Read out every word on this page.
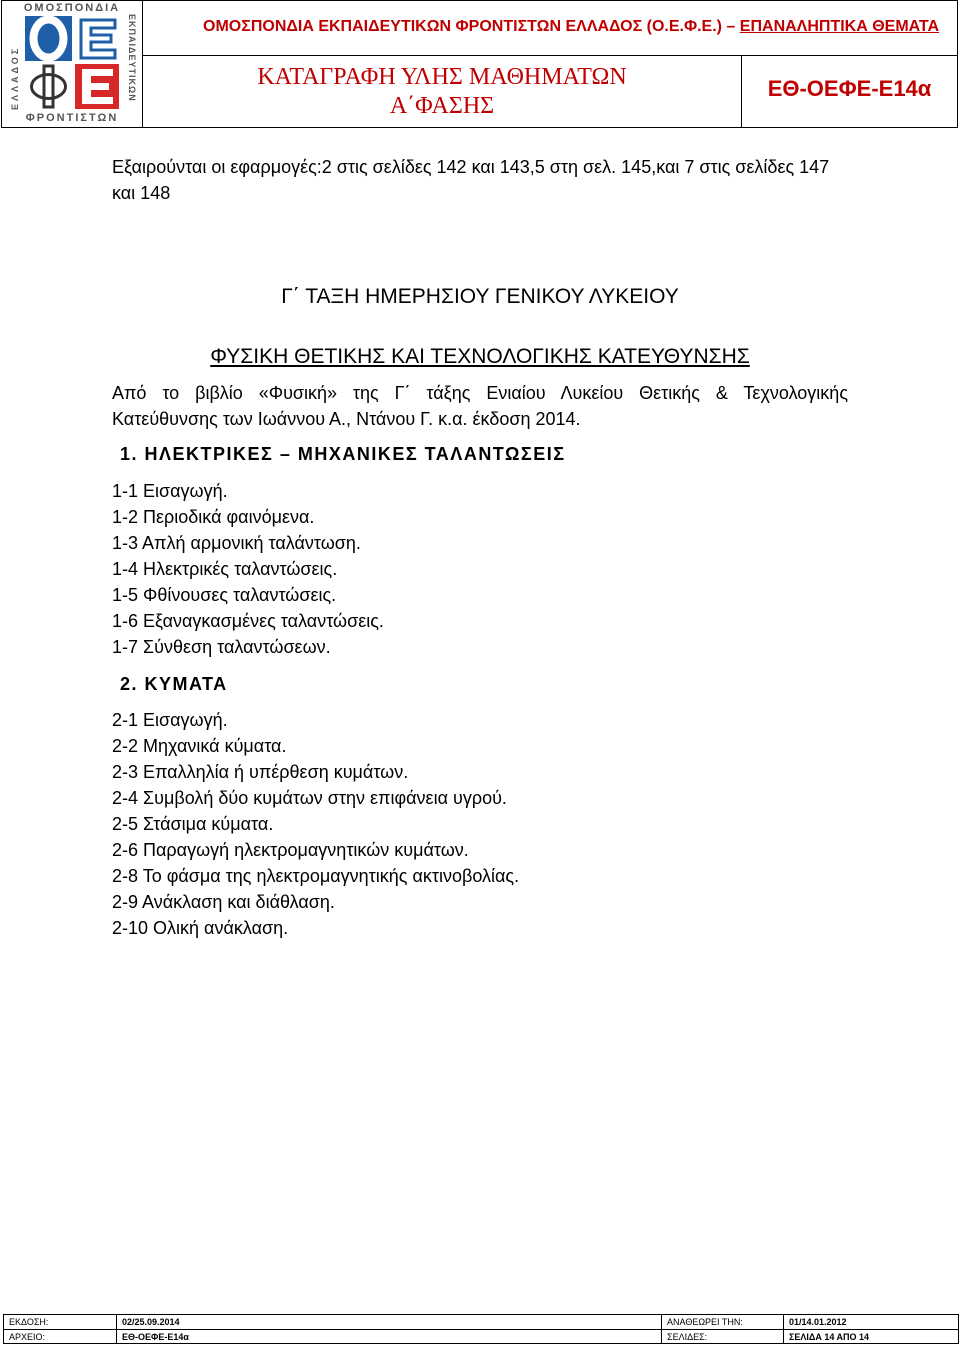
ΟΜΟΣΠΟΝΔΙΑ
ΦΡΟΝΤΙΣΤΩΝ
ΕΛΛΑΔΟΣ	ΕΚΠΑΙΔΕΥΤΙΚΩΝ	ΟΜΟΣΠΟΝΔΙΑ ΕΚΠΑΙΔΕΥΤΙΚΩΝ ΦΡΟΝΤΙΣΤΩΝ ΕΛΛΑΔΟΣ (Ο.Ε.Φ.Ε.) – ΕΠΑΝΑΛΗΠΤΙΚΑ ΘΕΜΑΤΑ
ΚΑΤΑΓΡΑΦΗ ΥΛΗΣ ΜΑΘΗΜΑΤΩΝ
Α΄ΦΑΣΗΣ
ΕΘ-ΟΕΦΕ-Ε14α
Εξαιρούνται οι εφαρμογές:2 στις σελίδες 142 και 143,5 στη σελ. 145,και 7 στις σελίδες 147 και 148
Γ΄ ΤΑΞΗ ΗΜΕΡΗΣΙΟΥ ΓΕΝΙΚΟΥ ΛΥΚΕΙΟΥ
ΦΥΣΙΚΗ ΘΕΤΙΚΗΣ ΚΑΙ ΤΕΧΝΟΛΟΓΙΚΗΣ ΚΑΤΕΥΘΥΝΣΗΣ
Από το βιβλίο «Φυσική» της Γ΄ τάξης Ενιαίου Λυκείου Θετικής & Τεχνολογικής
Κατεύθυνσης των Ιωάννου Α., Ντάνου Γ. κ.α. έκδοση 2014.
1. ΗΛΕΚΤΡΙΚΕΣ – ΜΗΧΑΝΙΚΕΣ ΤΑΛΑΝΤΩΣΕΙΣ
1-1 Εισαγωγή.
1-2 Περιοδικά φαινόμενα.
1-3 Απλή αρμονική ταλάντωση.
1-4 Ηλεκτρικές ταλαντώσεις.
1-5 Φθίνουσες ταλαντώσεις.
1-6 Εξαναγκασμένες ταλαντώσεις.
1-7 Σύνθεση ταλαντώσεων.
2. ΚΥΜΑΤΑ
2-1 Εισαγωγή.
2-2 Μηχανικά κύματα.
2-3 Επαλληλία ή υπέρθεση κυμάτων.
2-4 Συμβολή δύο κυμάτων στην επιφάνεια υγρού.
2-5 Στάσιμα κύματα.
2-6 Παραγωγή ηλεκτρομαγνητικών κυμάτων.
2-8 Το φάσμα της ηλεκτρομαγνητικής ακτινοβολίας.
2-9 Ανάκλαση και διάθλαση.
2-10 Ολική ανάκλαση.
ΕΚΔΟΣΗ:	02/25.09.2014	ΑΝΑΘΕΩΡΕΙ ΤΗΝ:	01/14.01.2012
ΑΡΧΕΙΟ:	ΕΘ-ΟΕΦΕ-Ε14α	ΣΕΛΙΔΕΣ:	ΣΕΛΙΔΑ 14 ΑΠΟ 14
